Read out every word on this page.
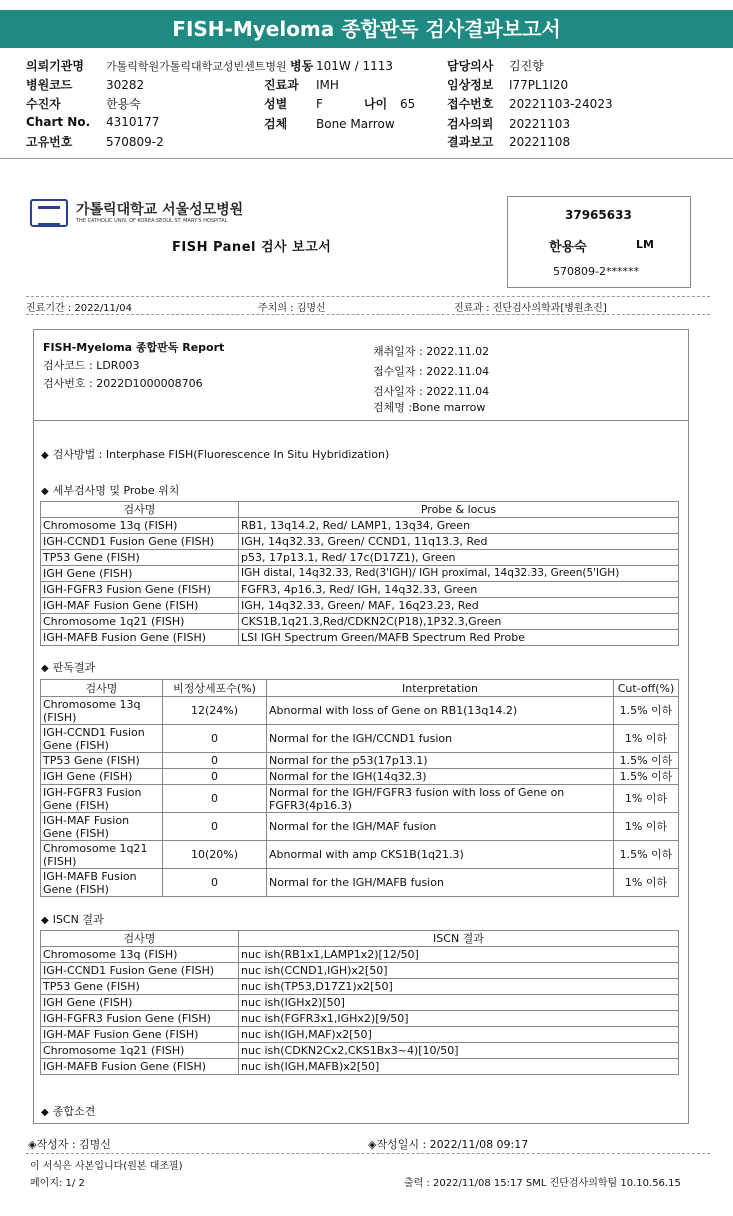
FISH-Myeloma 종합판독 검사결과보고서
의뢰기관명 가톨릭학원가톨릭대학교성빈센트병원
병원코드	30282
수진자	한용숙
Chart No. 4310177
고유번호	570809-2
병동 101W / 1113
진료과 IMH
성별 F	나이 65
검체 Bone Marrow
담당의사 김진향
임상정보 I77PL1I20
접수번호 20221103-24023
검사의뢰 20221103
결과보고 20221108
가톨릭대학교 서울성모병원
THE CATHOLIC UNIV. OF KOREA SEOUL ST. MARY'S HOSPITAL
FISH Panel 검사 보고서
37965633
한용숙	LM
570809-2******
진료기간 : 2022/11/04	주치의 : 김명신	진료과 : 진단검사의학과[병원초진]
FISH-Myeloma 종합판독 Report
검사코드 : LDR003
검사번호 : 2022D1000008706
채취일자 : 2022.11.02
접수일자 : 2022.11.04
검사일자 : 2022.11.04
검체명 :Bone marrow
◆ 검사방법 : Interphase FISH(Fluorescence In Situ Hybridization)
◆ 세부검사명 및 Probe 위치
검사명	Probe & locus
Chromosome 13q (FISH)	RB1, 13q14.2, Red/ LAMP1, 13q34, Green
IGH-CCND1 Fusion Gene (FISH)	IGH, 14q32.33, Green/ CCND1, 11q13.3, Red
TP53 Gene (FISH)	p53, 17p13.1, Red/ 17c(D17Z1), Green
IGH Gene (FISH)	IGH distal, 14q32.33, Red(3'IGH)/ IGH proximal, 14q32.33, Green(5'IGH)
IGH-FGFR3 Fusion Gene (FISH)	FGFR3, 4p16.3, Red/ IGH, 14q32.33, Green
IGH-MAF Fusion Gene (FISH)	IGH, 14q32.33, Green/ MAF, 16q23.23, Red
Chromosome 1q21 (FISH)	CKS1B,1q21.3,Red/CDKN2C(P18),1P32.3,Green
IGH-MAFB Fusion Gene (FISH)	LSI IGH Spectrum Green/MAFB Spectrum Red Probe
◆ 판독결과
검사명	비정상세포수(%)	Interpretation	Cut-off(%)
Chromosome 13q (FISH)	12(24%)	Abnormal with loss of Gene on RB1(13q14.2)	1.5% 이하
IGH-CCND1 Fusion Gene (FISH)	0	Normal for the IGH/CCND1 fusion	1% 이하
TP53 Gene (FISH)	0	Normal for the p53(17p13.1)	1.5% 이하
IGH Gene (FISH)	0	Normal for the IGH(14q32.3)	1.5% 이하
IGH-FGFR3 Fusion Gene (FISH)	0	Normal for the IGH/FGFR3 fusion with loss of Gene on FGFR3(4p16.3)	1% 이하
IGH-MAF Fusion Gene (FISH)	0	Normal for the IGH/MAF fusion	1% 이하
Chromosome 1q21 (FISH)	10(20%)	Abnormal with amp CKS1B(1q21.3)	1.5% 이하
IGH-MAFB Fusion Gene (FISH)	0	Normal for the IGH/MAFB fusion	1% 이하
◆ ISCN 결과
검사명	ISCN 결과
Chromosome 13q (FISH)	nuc ish(RB1x1,LAMP1x2)[12/50]
IGH-CCND1 Fusion Gene (FISH)	nuc ish(CCND1,IGH)x2[50]
TP53 Gene (FISH)	nuc ish(TP53,D17Z1)x2[50]
IGH Gene (FISH)	nuc ish(IGHx2)[50]
IGH-FGFR3 Fusion Gene (FISH)	nuc ish(FGFR3x1,IGHx2)[9/50]
IGH-MAF Fusion Gene (FISH)	nuc ish(IGH,MAF)x2[50]
Chromosome 1q21 (FISH)	nuc ish(CDKN2Cx2,CKS1Bx3~4)[10/50]
IGH-MAFB Fusion Gene (FISH)	nuc ish(IGH,MAFB)x2[50]
◆ 종합소견
◈작성자 : 김명신	◈작성일시 : 2022/11/08 09:17
이 서식은 사본입니다(원본 대조필)
페이지: 1/ 2	출력 : 2022/11/08 15:17 SML 진단검사의학팀 10.10.56.15
